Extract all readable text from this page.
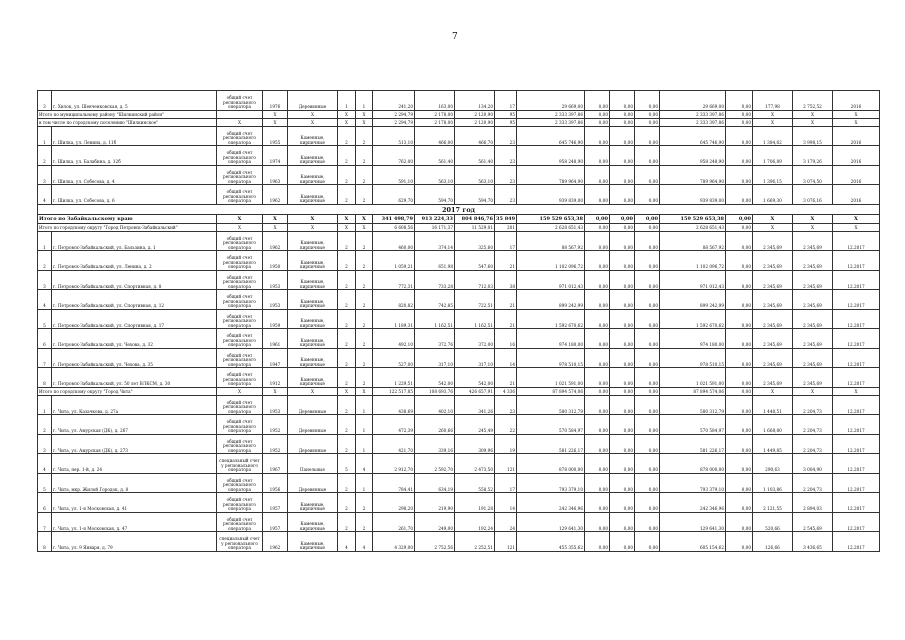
7
3	г. Хилок, ул. Шевченковская, д. 5	общий счет регионального оператора	1976	Деревянные	1	1	241,20	163,00	134,20	17	29 669,00	0,00	0,00	0,00	29 669,00	0,00	177,98	2 752,52	2016
Итого по муниципальному району "Шилкинский район"			X	X	X	X	2 294,79	2 178,00	2 120,90	95	2 333 397,86	0,00	0,00	0,00	2 333 397,86	0,00	X	X	X
в том числе по городскому поселению "Шилкинское"		X	X	X	X	X	2 294,79	2 178,00	2 120,90	95	2 333 397,86	0,00	0,00	0,00	2 333 397,86	0,00	X	X	X
1	г. Шилка, ул. Ленина, д. 11б	общий счет регионального оператора	1955	Каменные, кирпичные	2	2	513,10	466,00	466,70	23	645 746,90	0,00	0,00	0,00	645 746,90	0,00	1 384,62	3 998,15	2016
2	г. Шилка, ул. Балабина, д. 12б	общий счет регионального оператора	1974	Каменные, кирпичные	2	2	762,00	561,40	561,40	23	958 248,90	0,00	0,00	0,00	958 248,90	0,00	1 706,89	3 179,26	2016
3	г. Шилка, ул. Собесова, д. 4	общий счет регионального оператора	1963	Каменные, кирпичные	2	2	591,10	563,10	563,10	23	789 964,90	0,00	0,00	0,00	789 964,90	0,00	1 396,15	3 074,50	2016
4	г. Шилка, ул. Собесова, д. 6	общий счет регионального оператора	1962	Каменные, кирпичные	2	2	629,70	594,70	594,70	23	939 839,00	0,00	0,00	0,00	939 839,00	0,00	1 669,30	3 076,16	2016
2017 год																			
Итого по Забайкальскому краю		X	X	X	X	X	341 498,79	913 224,33	804 846,76	35 849	159 529 653,38	0,00	0,00	0,00	159 529 653,38	0,00	X	X	X
Итого по городскому округу "Город Петровск-Забайкальский"		X	X	X	X	X	6 608,56	16 171,37	11 529,01	201	2 628 651,43	0,00	0,00	0,00	2 628 651,43	0,00	X	X	X
1	г. Петровск-Забайкальский, ул. Бальзина, д. 1	общий счет регионального оператора	1962	Каменные, кирпичные	2	2	460,00	374,14	325,60	17	88 567,92	0,00	0,00	0,00	88 567,92	0,00	2 345,69	2 345,69	12.2017
2	г. Петровск-Забайкальский, ул. Ленина, д. 2	общий счет регионального оператора	1950	Каменные, кирпичные	2	2	1 059,21	651,98	547,60	21	1 102 096,72	0,00	0,00	0,00	1 102 096,72	0,00	2 345,69	2 345,69	12.2017
3	г. Петровск-Забайкальский, ул. Спортивная, д. 8	общий счет регионального оператора	1953	Каменные, кирпичные	2	2	772,31	733,28	712,03	38	971 012,43	0,00	0,00	0,00	971 012,43	0,00	2 345,69	2 345,69	12.2017
4	г. Петровск-Забайкальский, ул. Спортивная, д. 12	общий счет регионального оператора	1953	Каменные, кирпичные	2	2	820,82	742,85	722,51	21	899 242,99	0,00	0,00	0,00	899 242,99	0,00	2 345,69	2 345,69	12.2017
5	г. Петровск-Забайкальский, ул. Спортивная, д. 17	общий счет регионального оператора	1959	Каменные, кирпичные	2	2	1 189,31	1 162,51	1 162,51	21	1 592 670,62	0,00	0,00	0,00	1 592 670,62	0,00	2 345,69	2 345,69	12.2017
6	г. Петровск-Забайкальский, ул. Чехова, д. 32	общий счет регионального оператора	1961	Каменные, кирпичные	2	2	492,10	372,76	372,00	16	974 180,00	0,00	0,00	0,00	974 180,00	0,00	2 345,69	2 345,69	12.2017
7	г. Петровск-Забайкальский, ул. Чехова, д. 35	общий счет регионального оператора	1947	Каменные, кирпичные	2	2	527,00	317,10	317,10	14	978 510,15	0,00	0,00	0,00	978 510,15	0,00	2 345,69	2 345,69	12.2017
8	г. Петровск-Забайкальский, ул. 50 лет ВЛКСМ, д. 30	общий счет регионального оператора	1912	Каменные, кирпичные	2	2	1 229,51	542,00	542,00	21	1 021 591,00	0,00	0,00	0,00	1 021 591,00	0,00	2 345,69	2 345,69	12.2017
Итого по городскому округу "Город Чита"		X	X	X	X	X	122 517,85	108 693,76	426 657,91	4 336	87 894 574,06	0,00	0,00	0,00	87 894 574,06	0,00	X	X	X
1	г. Чита, ул. Казачкова, д. 27а	общий счет регионального оператора	1953	Деревянные	2	1	438,69	402,10	341,26	23	580 312,79	0,00	0,00	0,00	580 312,79	0,00	1 448,51	2 204,73	12.2017
2	г. Чита, ул. Амурская (ДК), д. 267	общий счет регионального оператора	1952	Деревянные	2	1	472,39	260,66	245,49	22	570 584,97	0,00	0,00	0,00	570 584,97	0,00	1 668,80	2 204,73	12.2017
3	г. Чита, ул. Амурская (ДК), д. 273	общий счет регионального оператора	1952	Деревянные	2	1	421,70	339,16	309,96	19	581 226,17	0,00	0,00	0,00	581 226,17	0,00	1 449,85	2 204,73	12.2017
4	г. Чита, пер. 1-й, д. 24	специальный счет у регионального оператора	1967	Панельные	5	4	2 912,70	2 592,70	2 473,50	121	878 000,00	0,00	0,00	0,00	878 000,00	0,00	290,63	3 004,90	12.2017
5	г. Чита, мкр. Жилой Городок, д. 8	общий счет регионального оператора	1956	Деревянные	2	1	784,41	634,19	558,52	17	793 379,10	0,00	0,00	0,00	793 379,10	0,00	1 103,86	2 204,73	12.2017
6	г. Чита, ул. 1-я Московская, д. 41	общий счет регионального оператора	1957	Каменные, кирпичные	2	2	298,20	219,90	191,28	14	242 346,96	0,00	0,00	0,00	242 346,96	0,00	2 121,55	2 894,03	12.2017
7	г. Чита, ул. 1-я Московская, д. 47	общий счет регионального оператора	1957	Каменные, кирпичные	2	2	261,70	249,00	192,24	24	129 641,30	0,00	0,00	0,00	129 641,30	0,00	520,66	2 545,69	12.2017
8	г. Чита, ул. 9 Января, д. 79	специальный счет у регионального оператора	1962	Каменные, кирпичные	4	4	4 329,00	2 752,56	2 252,51	121	455 355,62	0,00	0,00	0,00	605 154,62	0,00	126,66	3 436,65	12.2017
